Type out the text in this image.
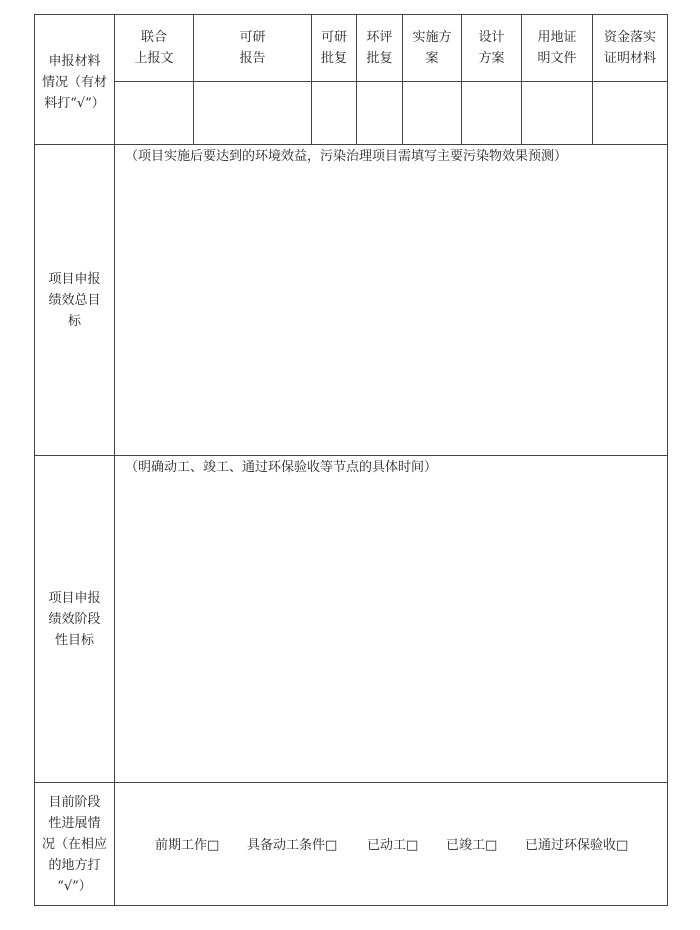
申报材料
情况（有材
料打“√”）
联合
上报文
可研
报告
可研
批复
环评
批复
实施方
案
设计
方案
用地证
明文件
资金落实
证明材料
项目申报
绩效总目
标
（项目实施后要达到的环境效益，污染治理项目需填写主要污染物效果预测）
项目申报
绩效阶段
性目标
（明确动工、竣工、通过环保验收等节点的具体时间）
目前阶段
性进展情
况（在相应
的地方打
“√”）
前期工作□ 具备动工条件□ 已动工□ 已竣工□ 已通过环保验收□
